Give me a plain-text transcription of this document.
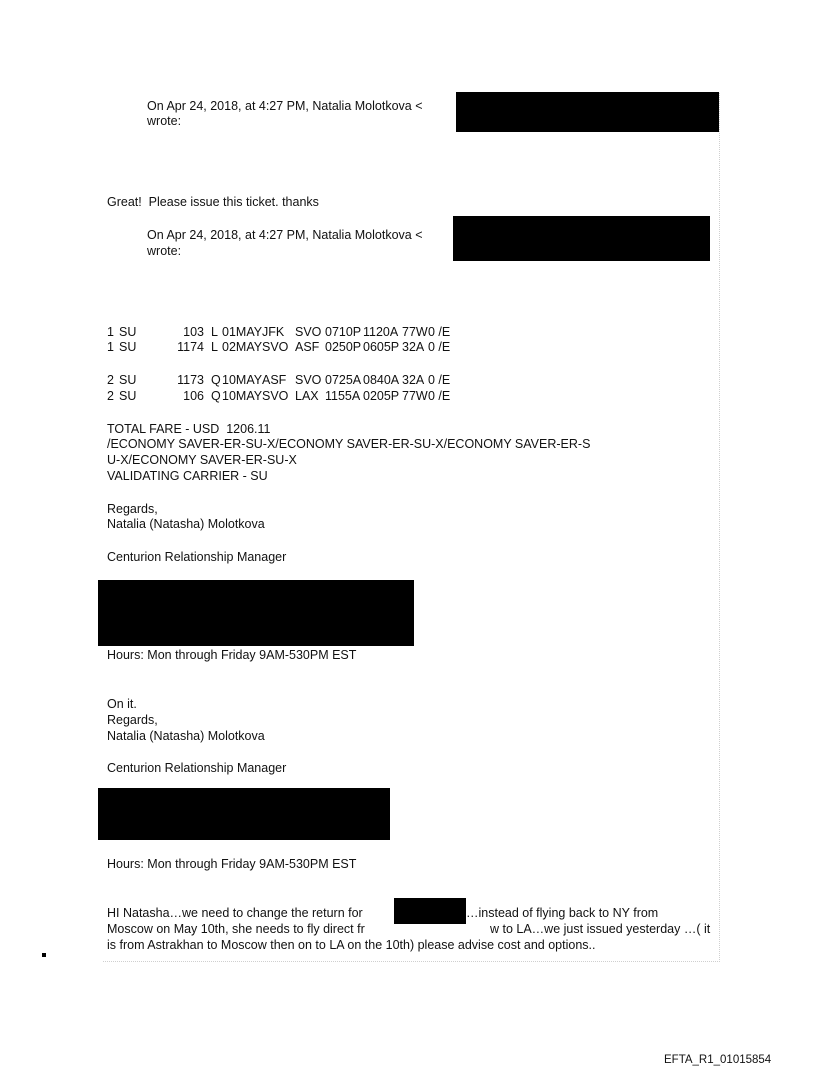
On Apr 24, 2018, at 4:27 PM, Natalia Molotkova <
wrote:
Great!  Please issue this ticket. thanks
On Apr 24, 2018, at 4:27 PM, Natalia Molotkova <
wrote:
1 SU	103 L 01MAY JFK SVO 0710P 1120A 77W 0 /E
1 SU	1174 L 02MAY SVO ASF 0250P 0605P 32A 0 /E
2 SU	1173 Q 10MAY ASF SVO 0725A 0840A 32A 0 /E
2 SU	106 Q 10MAY SVO LAX 1155A 0205P 77W 0 /E
TOTAL FARE - USD  1206.11
/ECONOMY SAVER-ER-SU-X/ECONOMY SAVER-ER-SU-X/ECONOMY SAVER-ER-S
U-X/ECONOMY SAVER-ER-SU-X
VALIDATING CARRIER - SU
Regards,
Natalia (Natasha) Molotkova
Centurion Relationship Manager
Hours: Mon through Friday 9AM-530PM EST
On it.
Regards,
Natalia (Natasha) Molotkova
Centurion Relationship Manager
Hours: Mon through Friday 9AM-530PM EST
HI Natasha…we need to change the return for	…instead of flying back to NY from
Moscow on May 10th, she needs to fly direct fr	w to LA…we just issued yesterday …( it
is from Astrakhan to Moscow then on to LA on the 10th) please advise cost and options..
EFTA_R1_01015854
